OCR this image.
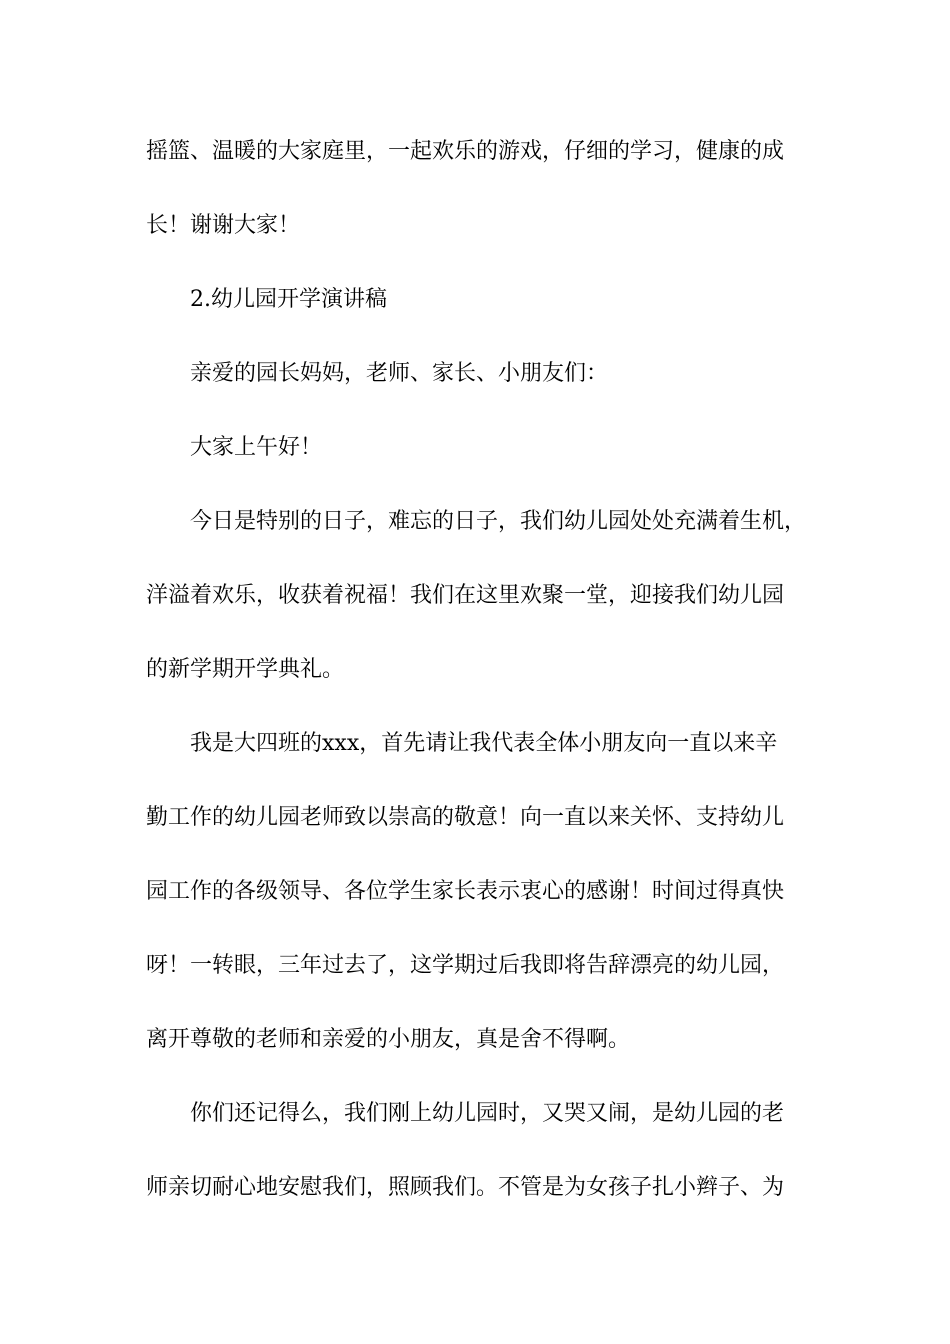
摇篮、温暖的大家庭里，一起欢乐的游戏，仔细的学习，健康的成
长！谢谢大家！
2.幼儿园开学演讲稿
亲爱的园长妈妈，老师、家长、小朋友们：
大家上午好！
今日是特别的日子，难忘的日子，我们幼儿园处处充满着生机，
洋溢着欢乐，收获着祝福！我们在这里欢聚一堂，迎接我们幼儿园
的新学期开学典礼。
我是大四班的xxx，首先请让我代表全体小朋友向一直以来辛
勤工作的幼儿园老师致以崇高的敬意！向一直以来关怀、支持幼儿
园工作的各级领导、各位学生家长表示衷心的感谢！时间过得真快
呀！一转眼，三年过去了，这学期过后我即将告辞漂亮的幼儿园，
离开尊敬的老师和亲爱的小朋友，真是舍不得啊。
你们还记得么，我们刚上幼儿园时，又哭又闹，是幼儿园的老
师亲切耐心地安慰我们，照顾我们。不管是为女孩子扎小辫子、为
